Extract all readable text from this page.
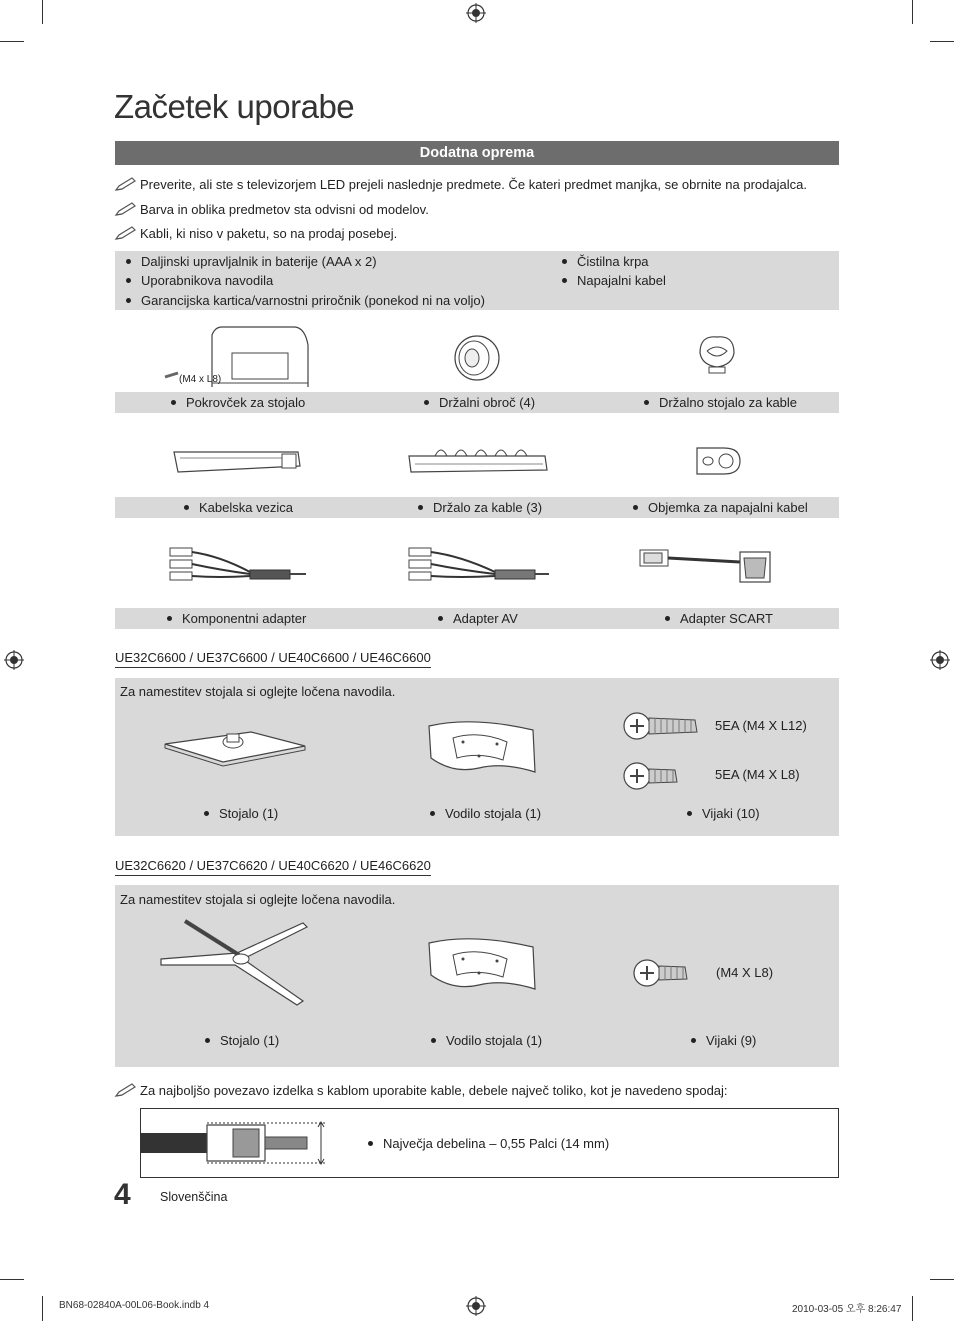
Začetek uporabe
Dodatna oprema
Preverite, ali ste s televizorjem LED prejeli naslednje predmete. Če kateri predmet manjka, se obrnite na prodajalca.
Barva in oblika predmetov sta odvisni od modelov.
Kabli, ki niso v paketu, so na prodaj posebej.
Daljinski upravljalnik in baterije (AAA x 2)
Uporabnikova navodila
Garancijska kartica/varnostni priročnik (ponekod ni na voljo)
Čistilna krpa
Napajalni kabel
(M4 x L8)
Pokrovček za stojalo	Držalni obroč (4)	Držalno stojalo za kable
Kabelska vezica	Držalo za kable (3)	Objemka za napajalni kabel
Komponentni adapter	Adapter AV	Adapter SCART
UE32C6600 / UE37C6600 / UE40C6600 / UE46C6600
Za namestitev stojala si oglejte ločena navodila.
5EA (M4 X L12)
5EA (M4 X L8)
Stojalo (1)	Vodilo stojala (1)	Vijaki (10)
UE32C6620 / UE37C6620 / UE40C6620 / UE46C6620
Za namestitev stojala si oglejte ločena navodila.
(M4 X L8)
Stojalo (1)	Vodilo stojala (1)	Vijaki (9)
Za najboljšo povezavo izdelka s kablom uporabite kable, debele največ toliko, kot je navedeno spodaj:
Največja debelina – 0,55 Palci (14 mm)
4 Slovenščina
BN68-02840A-00L06-Book.indb 4	2010-03-05 오후 8:26:47
